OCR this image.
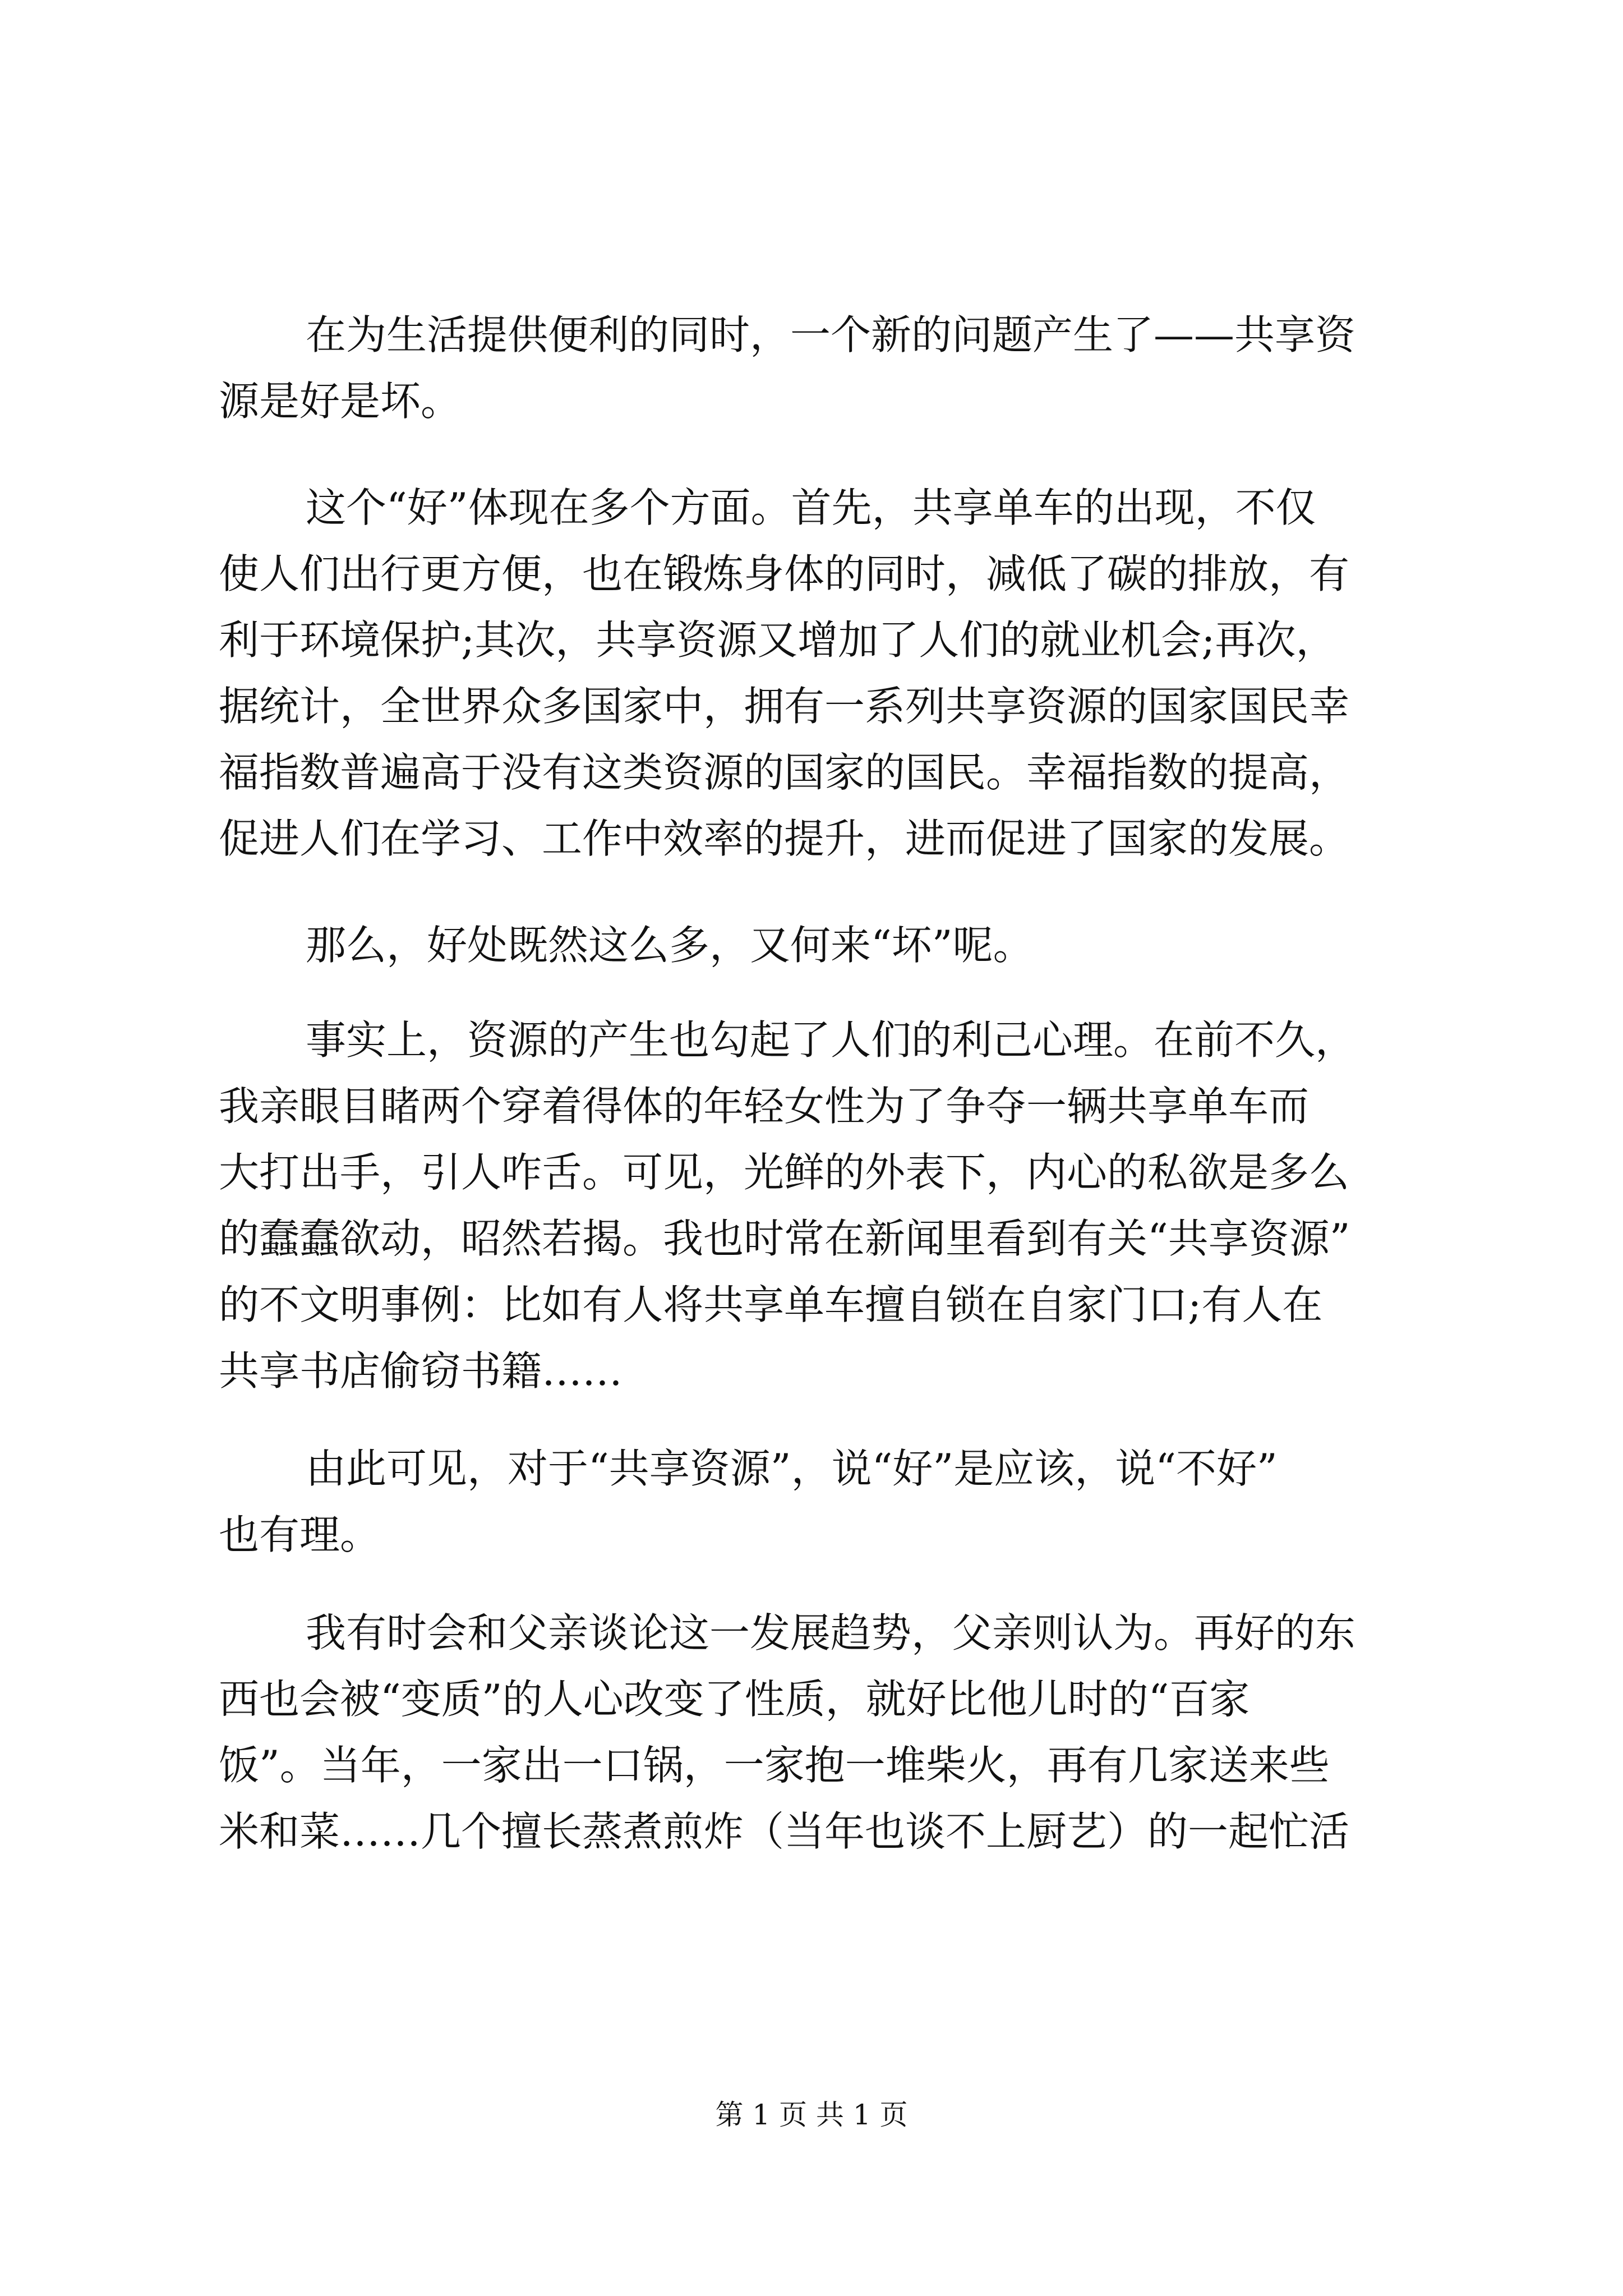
在为生活提供便利的同时，一个新的问题产生了——共享资
源是好是坏。
这个“好”体现在多个方面。首先，共享单车的出现，不仅
使人们出行更方便，也在锻炼身体的同时，减低了碳的排放，有
利于环境保护;其次，共享资源又增加了人们的就业机会;再次，
据统计，全世界众多国家中，拥有一系列共享资源的国家国民幸
福指数普遍高于没有这类资源的国家的国民。幸福指数的提高，
促进人们在学习、工作中效率的提升，进而促进了国家的发展。
那么，好处既然这么多，又何来“坏”呢。
事实上，资源的产生也勾起了人们的利己心理。在前不久，
我亲眼目睹两个穿着得体的年轻女性为了争夺一辆共享单车而
大打出手，引人咋舌。可见，光鲜的外表下，内心的私欲是多么
的蠢蠢欲动，昭然若揭。我也时常在新闻里看到有关“共享资源”
的不文明事例：比如有人将共享单车擅自锁在自家门口;有人在
共享书店偷窃书籍……
由此可见，对于“共享资源”，说“好”是应该，说“不好”
也有理。
我有时会和父亲谈论这一发展趋势，父亲则认为。再好的东
西也会被“变质”的人心改变了性质，就好比他儿时的“百家
饭”。当年，一家出一口锅，一家抱一堆柴火，再有几家送来些
米和菜……几个擅长蒸煮煎炸（当年也谈不上厨艺）的一起忙活
第 1 页 共 1 页
